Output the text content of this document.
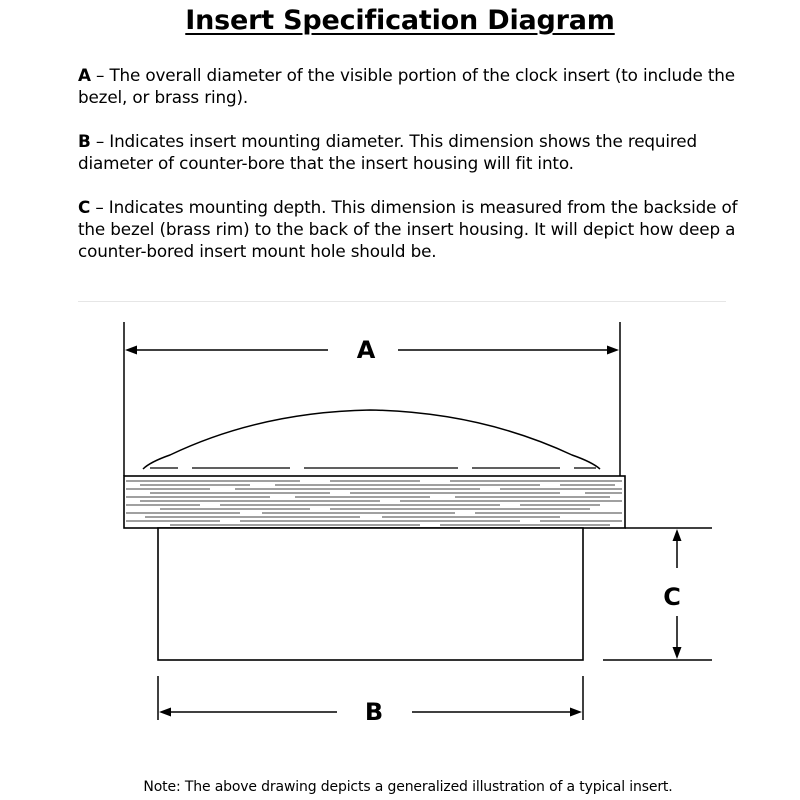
Insert Specification Diagram

A – The overall diameter of the visible portion of the clock insert (to include the bezel, or brass ring).

B – Indicates insert mounting diameter. This dimension shows the required diameter of counter-bore that the insert housing will fit into.

C – Indicates mounting depth. This dimension is measured from the backside of the bezel (brass rim) to the back of the insert housing. It will depict how deep a counter-bored insert mount hole should be.

A
C
B
Note: The above drawing depicts a generalized illustration of a typical insert.
